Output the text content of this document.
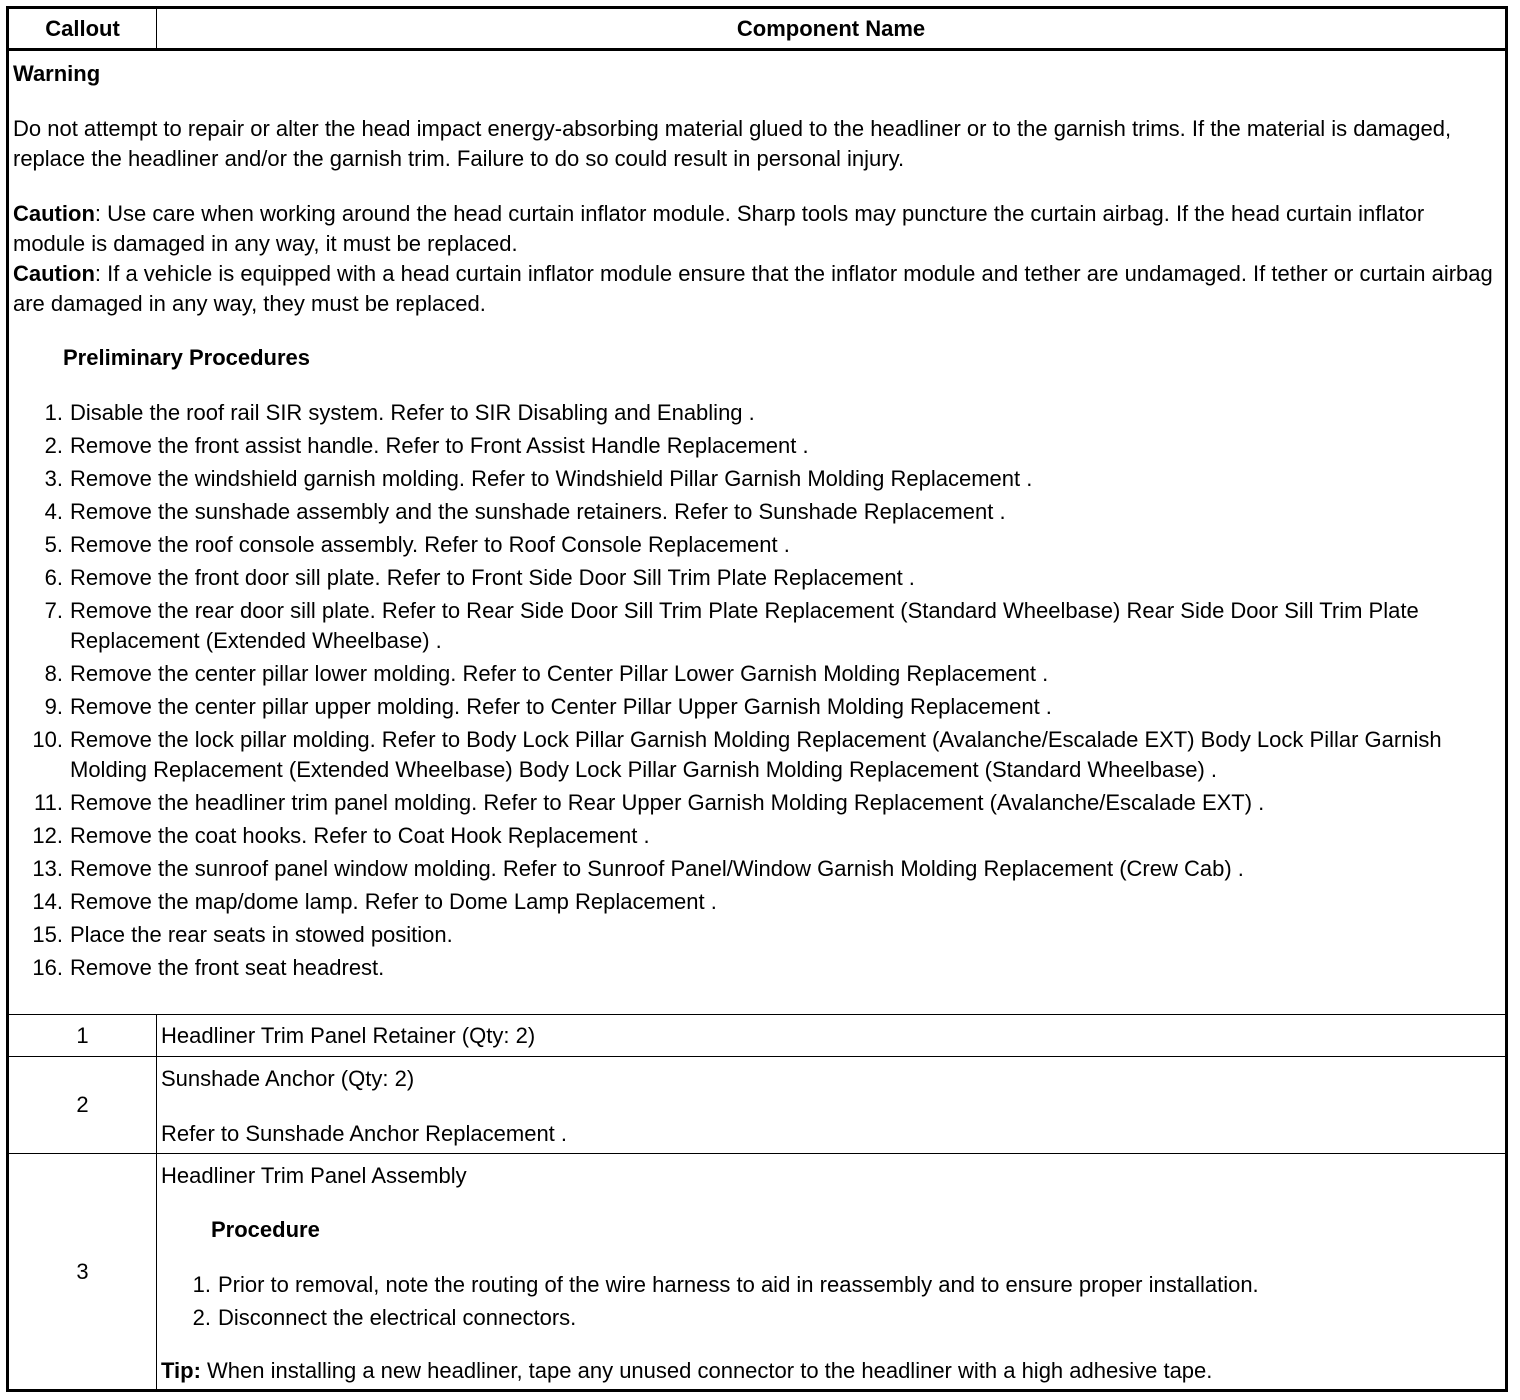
Callout	Component Name

Warning

Do not attempt to repair or alter the head impact energy-absorbing material glued to the headliner or to the garnish trims. If the material is damaged, replace the headliner and/or the garnish trim. Failure to do so could result in personal injury.

Caution: Use care when working around the head curtain inflator module. Sharp tools may puncture the curtain airbag. If the head curtain inflator module is damaged in any way, it must be replaced.

Caution: If a vehicle is equipped with a head curtain inflator module ensure that the inflator module and tether are undamaged. If tether or curtain airbag are damaged in any way, they must be replaced.

Preliminary Procedures

1. Disable the roof rail SIR system. Refer to SIR Disabling and Enabling .
2. Remove the front assist handle. Refer to Front Assist Handle Replacement .
3. Remove the windshield garnish molding. Refer to Windshield Pillar Garnish Molding Replacement .
4. Remove the sunshade assembly and the sunshade retainers. Refer to Sunshade Replacement .
5. Remove the roof console assembly. Refer to Roof Console Replacement .
6. Remove the front door sill plate. Refer to Front Side Door Sill Trim Plate Replacement .
7. Remove the rear door sill plate. Refer to Rear Side Door Sill Trim Plate Replacement (Standard Wheelbase) Rear Side Door Sill Trim Plate Replacement (Extended Wheelbase) .
8. Remove the center pillar lower molding. Refer to Center Pillar Lower Garnish Molding Replacement .
9. Remove the center pillar upper molding. Refer to Center Pillar Upper Garnish Molding Replacement .
10. Remove the lock pillar molding. Refer to Body Lock Pillar Garnish Molding Replacement (Avalanche/Escalade EXT) Body Lock Pillar Garnish Molding Replacement (Extended Wheelbase) Body Lock Pillar Garnish Molding Replacement (Standard Wheelbase) .
11. Remove the headliner trim panel molding. Refer to Rear Upper Garnish Molding Replacement (Avalanche/Escalade EXT) .
12. Remove the coat hooks. Refer to Coat Hook Replacement .
13. Remove the sunroof panel window molding. Refer to Sunroof Panel/Window Garnish Molding Replacement (Crew Cab) .
14. Remove the map/dome lamp. Refer to Dome Lamp Replacement .
15. Place the rear seats in stowed position.
16. Remove the front seat headrest.
1	Headliner Trim Panel Retainer (Qty: 2)
2

Sunshade Anchor (Qty: 2)

Refer to Sunshade Anchor Replacement .

3

Headliner Trim Panel Assembly

Procedure

1. Prior to removal, note the routing of the wire harness to aid in reassembly and to ensure proper installation.
2. Disconnect the electrical connectors.

Tip: When installing a new headliner, tape any unused connector to the headliner with a high adhesive tape.
